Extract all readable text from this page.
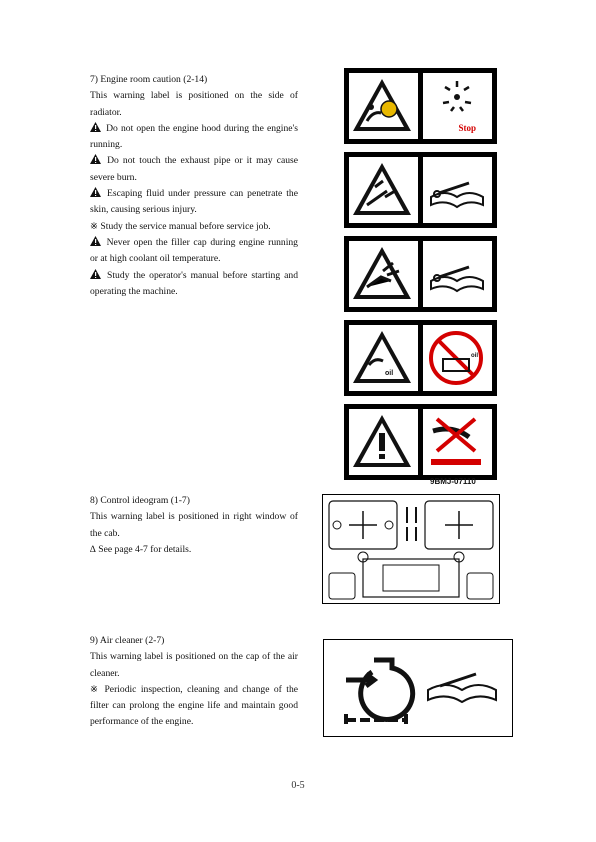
7) Engine room caution (2-14)

This warning label is positioned on the side of radiator.

Do not open the engine hood during the engine's running.

Do not touch the exhaust pipe or it may cause severe burn.

Escaping fluid under pressure can penetrate the skin, causing serious injury.

※ Study the service manual before service job.

Never open the filler cap during engine running or at high coolant oil temperature.

Study the operator's manual before starting and operating the machine.

Stop
oil
oil
9BMJ-07110

8) Control ideogram (1-7)

This warning label is positioned in right window of the cab.

∆ See page 4-7 for details.

9) Air cleaner (2-7)

This warning label is positioned on the cap of the air cleaner.

※ Periodic inspection, cleaning and change of the filter can prolong the engine life and maintain good performance of the engine.

0-5
